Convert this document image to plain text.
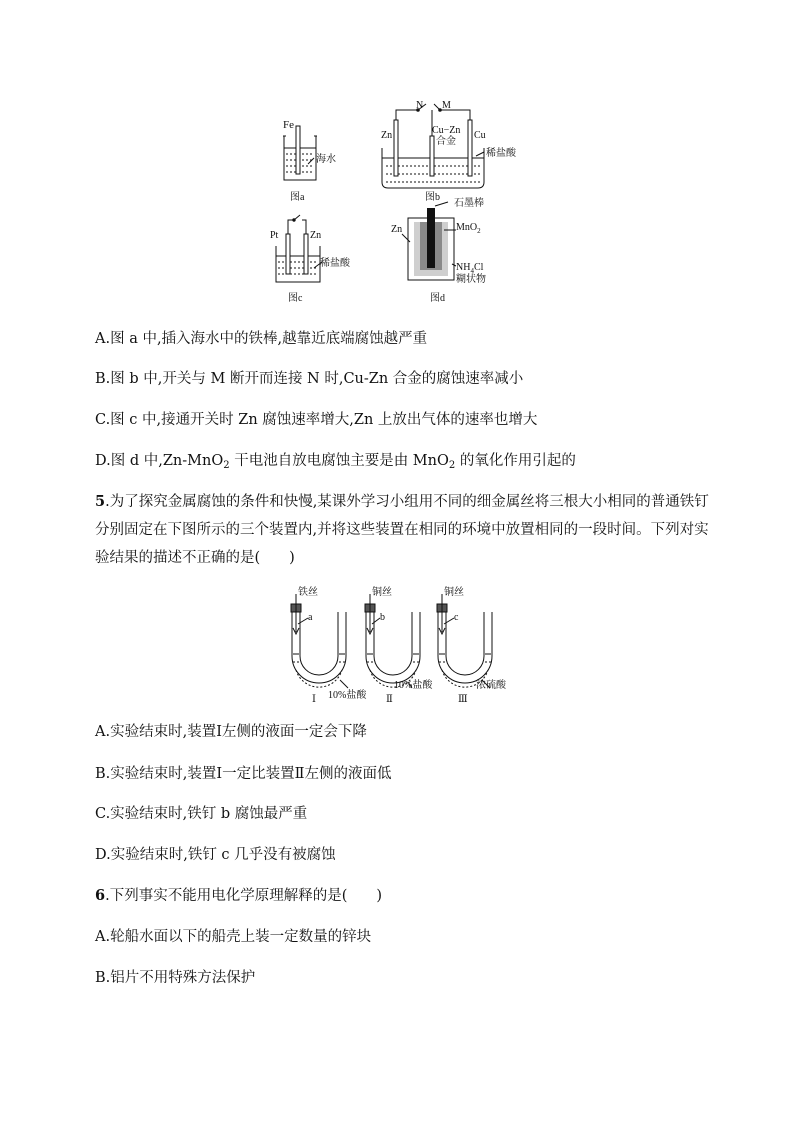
Fe
海水
图a
N M
Zn	Cu−Zn
合金
Cu
稀盐酸
图b
Pt	Zn
稀盐酸
图c
石墨棒
Zn	MnO$_2$
$NH_4Cl$
糊状物
图d
A.图 a 中,插入海水中的铁棒,越靠近底端腐蚀越严重
B.图 b 中,开关与 M 断开而连接 N 时,Cu-Zn 合金的腐蚀速率减小
C.图 c 中,接通开关时 Zn 腐蚀速率增大,Zn 上放出气体的速率也增大
D.图 d 中,Zn-MnO$_2$ 干电池自放电腐蚀主要是由 MnO$_2$ 的氧化作用引起的
5.为了探究金属腐蚀的条件和快慢,某课外学习小组用不同的细金属丝将三根大小相同的普通铁钉
分别固定在下图所示的三个装置内,并将这些装置在相同的环境中放置相同的一段时间。下列对实
验结果的描述不正确的是(　　)
铁丝
a
10%盐酸
Ⅰ
铜丝
b
10%盐酸
Ⅱ
铜丝
c
浓硫酸
Ⅲ
A.实验结束时,装置Ⅰ左侧的液面一定会下降
B.实验结束时,装置Ⅰ一定比装置Ⅱ左侧的液面低
C.实验结束时,铁钉 b 腐蚀最严重
D.实验结束时,铁钉 c 几乎没有被腐蚀
6.下列事实不能用电化学原理解释的是(　　)
A.轮船水面以下的船壳上装一定数量的锌块
B.铝片不用特殊方法保护
